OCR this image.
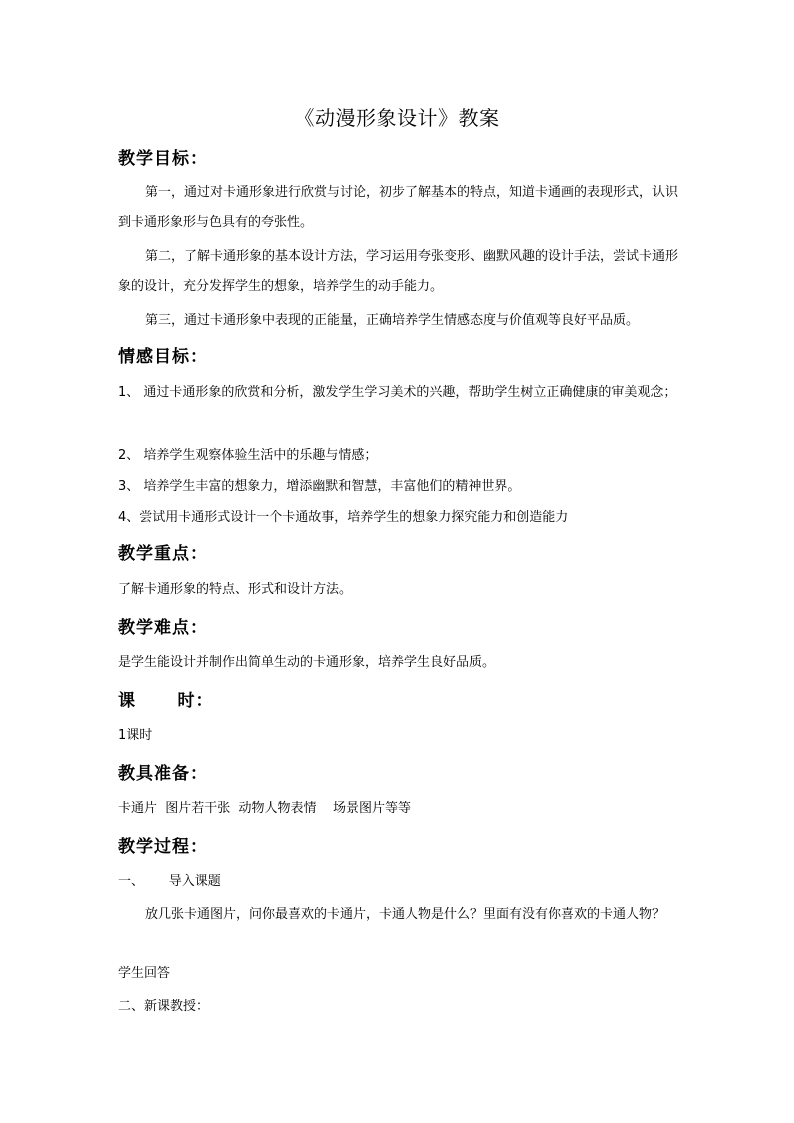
《动漫形象设计》教案
教学目标：
第一，通过对卡通形象进行欣赏与讨论，初步了解基本的特点，知道卡通画的表现形式，认识到卡通形象形与色具有的夸张性。
第二，了解卡通形象的基本设计方法，学习运用夸张变形、幽默风趣的设计手法，尝试卡通形象的设计，充分发挥学生的想象，培养学生的动手能力。
第三，通过卡通形象中表现的正能量，正确培养学生情感态度与价值观等良好平品质。
情感目标：
1、 通过卡通形象的欣赏和分析，激发学生学习美术的兴趣，帮助学生树立正确健康的审美观念；
2、 培养学生观察体验生活中的乐趣与情感；
3、 培养学生丰富的想象力，增添幽默和智慧，丰富他们的精神世界。
4、尝试用卡通形式设计一个卡通故事，培养学生的想象力探究能力和创造能力
教学重点：
了解卡通形象的特点、形式和设计方法。
教学难点：
是学生能设计并制作出简单生动的卡通形象，培养学生良好品质。
课      时：
1课时
教具准备：
卡通片  图片若干张  动物人物表情    场景图片等等
教学过程：
一、      导入课题
放几张卡通图片，问你最喜欢的卡通片，卡通人物是什么？里面有没有你喜欢的卡通人物？
学生回答
二、新课教授：
